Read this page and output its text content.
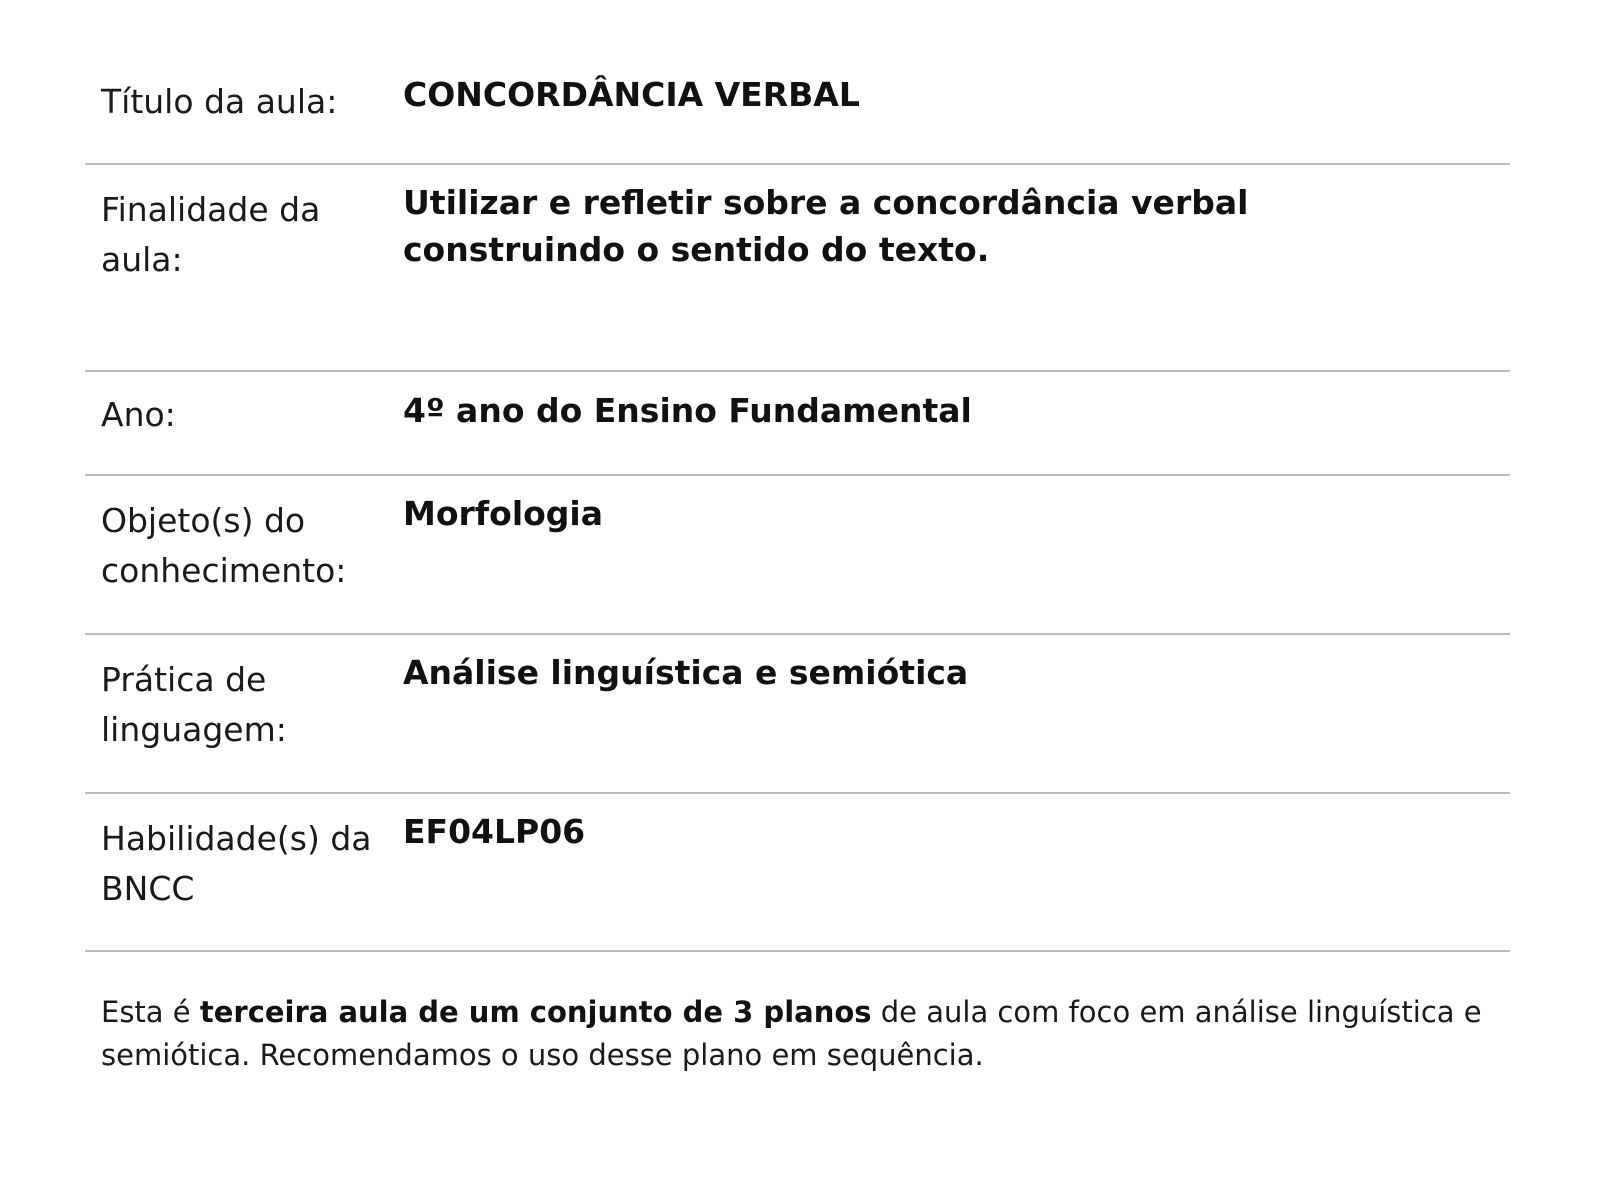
Título da aula:	CONCORDÂNCIA VERBAL
Finalidade da aula:
Utilizar e refletir sobre a concordância verbal construindo o sentido do texto.
Ano:	4º ano do Ensino Fundamental
Objeto(s) do conhecimento:
Morfologia
Prática de linguagem:
Análise linguística e semiótica
Habilidade(s) da BNCC
EF04LP06

Esta é terceira aula de um conjunto de 3 planos de aula com foco em análise linguística e semiótica. Recomendamos o uso desse plano em sequência.
